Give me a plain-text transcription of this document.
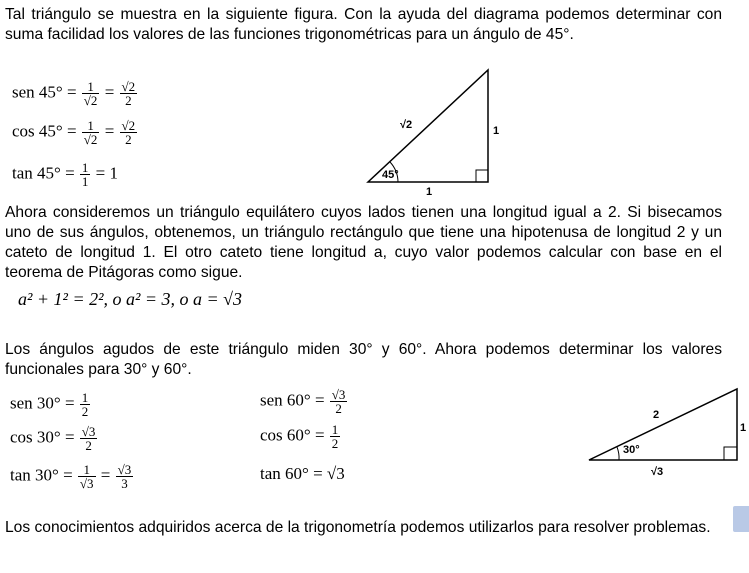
Tal triángulo se muestra en la siguiente figura. Con la ayuda del diagrama podemos determinar con suma facilidad los valores de las funciones trigonométricas para un ángulo de 45°.
sen $45^\circ = \frac{1}{√2} = \frac{√2}{2}$
$\cos 45^\circ = \frac{1}{√2} = \frac{√2}{2}$
$\tan 45^\circ = \frac{1}{1} = 1$
√2	1
1
45°
Ahora consideremos un triángulo equilátero cuyos lados tienen una longitud igual a 2. Si bisecamos uno de sus ángulos, obtenemos, un triángulo rectángulo que tiene una hipotenusa de longitud 2 y un cateto de longitud 1. El otro cateto tiene longitud a, cuyo valor podemos calcular con base en el teorema de Pitágoras como sigue.
a² + 1² = 2², o a² = 3, o a = √3
Los ángulos agudos de este triángulo miden 30° y 60°. Ahora podemos determinar los valores funcionales para 30° y 60°.
sen $30^\circ = \frac{1}{2}$
$\cos 30^\circ = \frac{√3}{2}$
$\tan 30^\circ = \frac{1}{√3} = \frac{√3}{3}$
sen $60^\circ = \frac{√3}{2}$
$\cos 60^\circ = \frac{1}{2}$
tan 60° = √3
2
1
√3
30°
Los conocimientos adquiridos acerca de la trigonometría podemos utilizarlos para resolver problemas.
